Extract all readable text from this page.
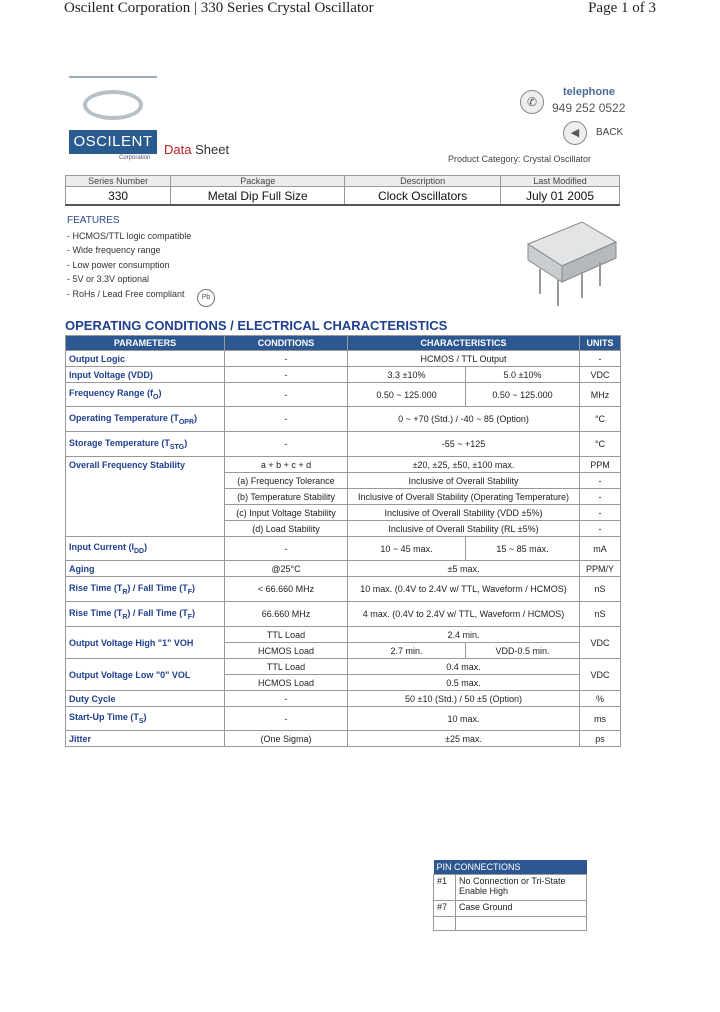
Oscilent Corporation | 330 Series Crystal Oscillator	Page 1 of 3
OSCILENT
Corporation
Data Sheet
✆
telephone
949 252 0522
◀	BACK
Product Category: Crystal Oscillator
Series Number	Package	Description	Last Modified
330	Metal Dip Full Size	Clock Oscillators	July 01 2005
FEATURES
- HCMOS/TTL logic compatible
- Wide frequency range
- Low power consumption
- 5V or 3.3V optional
- RoHs / Lead Free compliant	Pb
OPERATING CONDITIONS / ELECTRICAL CHARACTERISTICS
PARAMETERS	CONDITIONS	CHARACTERISTICS		UNITS
Output Logic	-	HCMOS / TTL Output		-
Input Voltage (VDD)	-	3.3 ±10%	5.0 ±10%	VDC
Frequency Range $(f_O)$	-	0.50 ~ 125.000	0.50 ~ 125.000	MHz
Operating Temperature $(T_{OPR})$	-	0 ~ +70 (Std.) / -40 ~ 85 (Option)		°C
Storage Temperature $(T_{STG})$	-	-55 ~ +125		°C
Overall Frequency Stability	a + b + c + d	±20, ±25, ±50, ±100 max.		PPM
	(a) Frequency Tolerance	Inclusive of Overall Stability		-
	(b) Temperature Stability	Inclusive of Overall Stability (Operating Temperature)		-
	(c) Input Voltage Stability	Inclusive of Overall Stability (VDD ±5%)		-
	(d) Load Stability	Inclusive of Overall Stability (RL ±5%)		-
Input Current $(I_{DD})$	-	10 ~ 45 max.	15 ~ 85 max.	mA
Aging	@25°C	±5 max.		PPM/Y
Rise Time $(T_R)$ / Fall Time $(T_F)$	< 66.660 MHz	10 max. (0.4V to 2.4V w/ TTL, Waveform / HCMOS)		nS
Rise Time $(T_R)$ / Fall Time $(T_F)$	66.660 MHz	4 max. (0.4V to 2.4V w/ TTL, Waveform / HCMOS)		nS
Output Voltage High "1" VOH	TTL Load	2.4 min.		VDC
	HCMOS Load	2.7 min.	VDD-0.5 min.	
Output Voltage Low "0" VOL	TTL Load	0.4 max.		VDC
	HCMOS Load	0.5 max.		
Duty Cycle	-	50 ±10 (Std.) / 50 ±5 (Option)		%
Start-Up Time $(T_S)$	-	10 max.		ms
Jitter	(One Sigma)	±25 max.		ps
PIN CONNECTIONS	
#1	No Connection or Tri-State Enable High
#7	Case Ground
